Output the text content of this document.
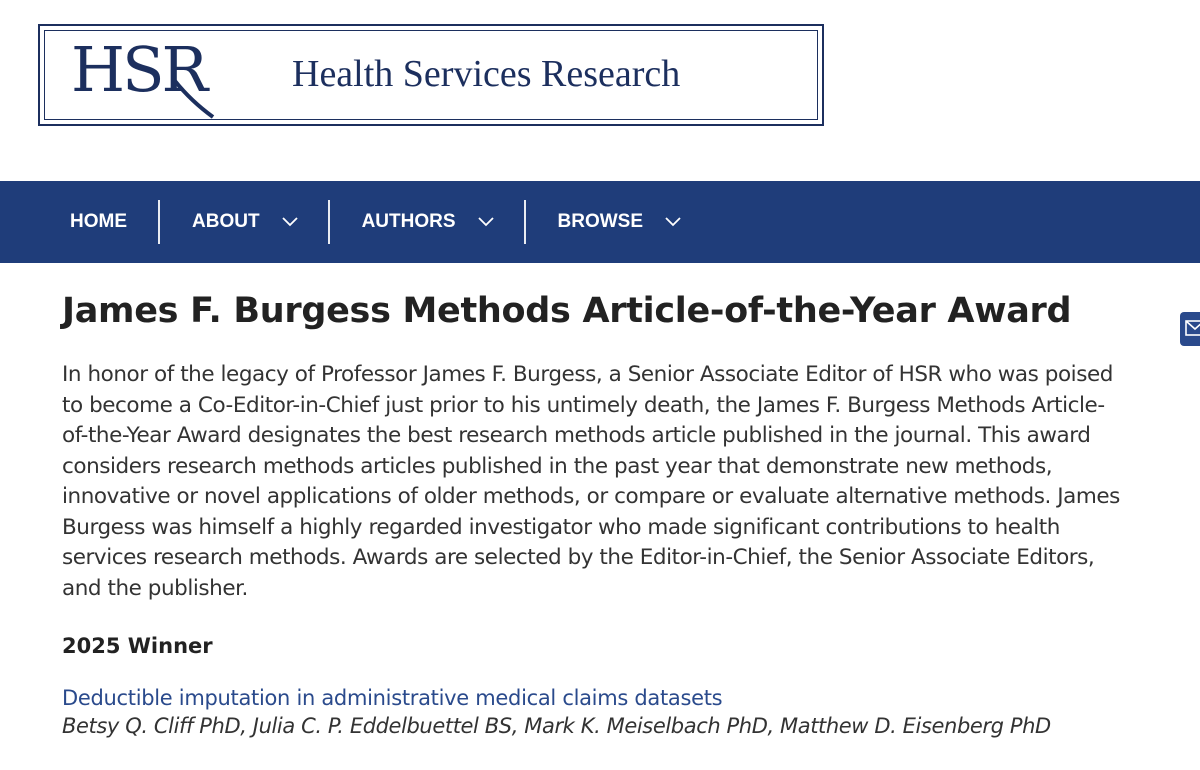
HSR Health Services Research
HOME	ABOUT	AUTHORS	BROWSE
James F. Burgess Methods Article-of-the-Year Award

In honor of the legacy of Professor James F. Burgess, a Senior Associate Editor of HSR who was poised to become a Co-Editor-in-Chief just prior to his untimely death, the James F. Burgess Methods Article-of-the-Year Award designates the best research methods article published in the journal. This award considers research methods articles published in the past year that demonstrate new methods, innovative or novel applications of older methods, or compare or evaluate alternative methods. James Burgess was himself a highly regarded investigator who made significant contributions to health services research methods. Awards are selected by the Editor-in-Chief, the Senior Associate Editors, and the publisher.

2025 Winner
Deductible imputation in administrative medical claims datasets

Betsy Q. Cliff PhD, Julia C. P. Eddelbuettel BS, Mark K. Meiselbach PhD, Matthew D. Eisenberg PhD
